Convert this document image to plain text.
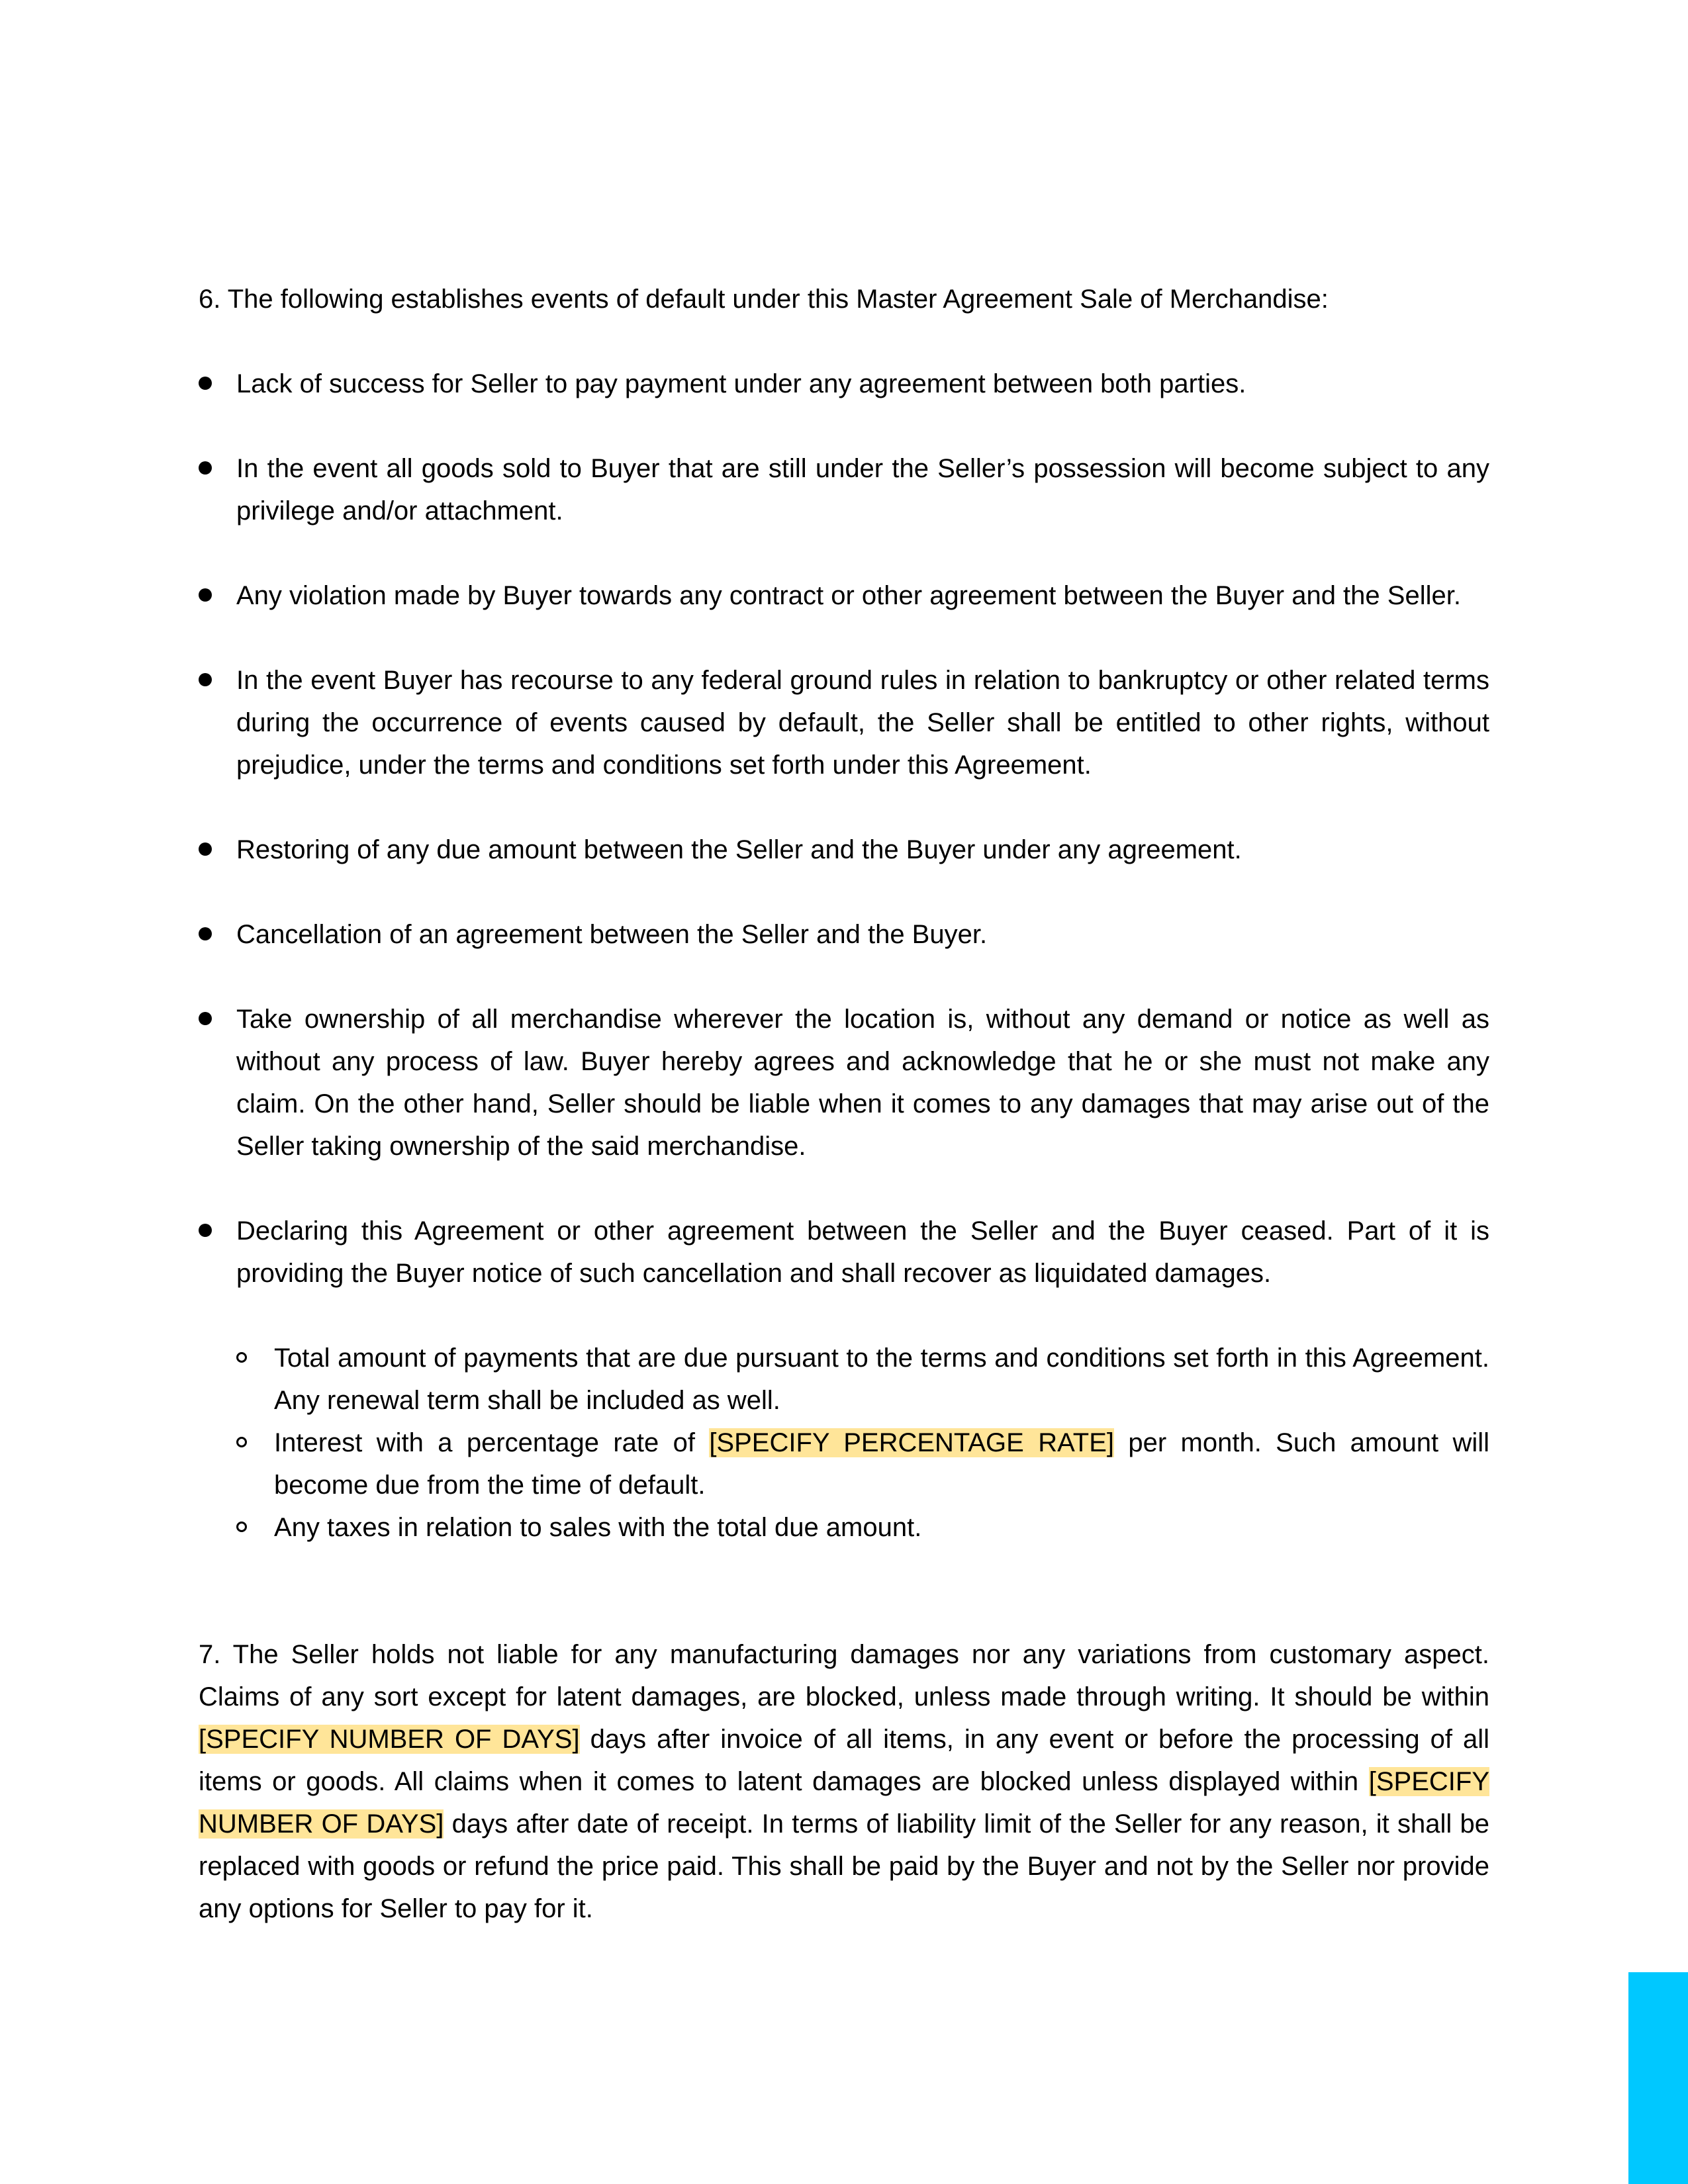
6. The following establishes events of default under this Master Agreement Sale of Merchandise:

Lack of success for Seller to pay payment under any agreement between both parties.
In the event all goods sold to Buyer that are still under the Seller’s possession will become subject to any privilege and/or attachment.
Any violation made by Buyer towards any contract or other agreement between the Buyer and the Seller.
In the event Buyer has recourse to any federal ground rules in relation to bankruptcy or other related terms during the occurrence of events caused by default, the Seller shall be entitled to other rights, without prejudice, under the terms and conditions set forth under this Agreement.
Restoring of any due amount between the Seller and the Buyer under any agreement.
Cancellation of an agreement between the Seller and the Buyer.
Take ownership of all merchandise wherever the location is, without any demand or notice as well as without any process of law. Buyer hereby agrees and acknowledge that he or she must not make any claim. On the other hand, Seller should be liable when it comes to any damages that may arise out of the Seller taking ownership of the said merchandise.
Declaring this Agreement or other agreement between the Seller and the Buyer ceased. Part of it is providing the Buyer notice of such cancellation and shall recover as liquidated damages.
Total amount of payments that are due pursuant to the terms and conditions set forth in this Agreement. Any renewal term shall be included as well.
Interest with a percentage rate of [SPECIFY PERCENTAGE RATE] per month. Such amount will become due from the time of default.
Any taxes in relation to sales with the total due amount.

7. The Seller holds not liable for any manufacturing damages nor any variations from customary aspect. Claims of any sort except for latent damages, are blocked, unless made through writing. It should be within [SPECIFY NUMBER OF DAYS] days after invoice of all items, in any event or before the processing of all items or goods. All claims when it comes to latent damages are blocked unless displayed within [SPECIFY NUMBER OF DAYS] days after date of receipt. In terms of liability limit of the Seller for any reason, it shall be replaced with goods or refund the price paid. This shall be paid by the Buyer and not by the Seller nor provide any options for Seller to pay for it.
